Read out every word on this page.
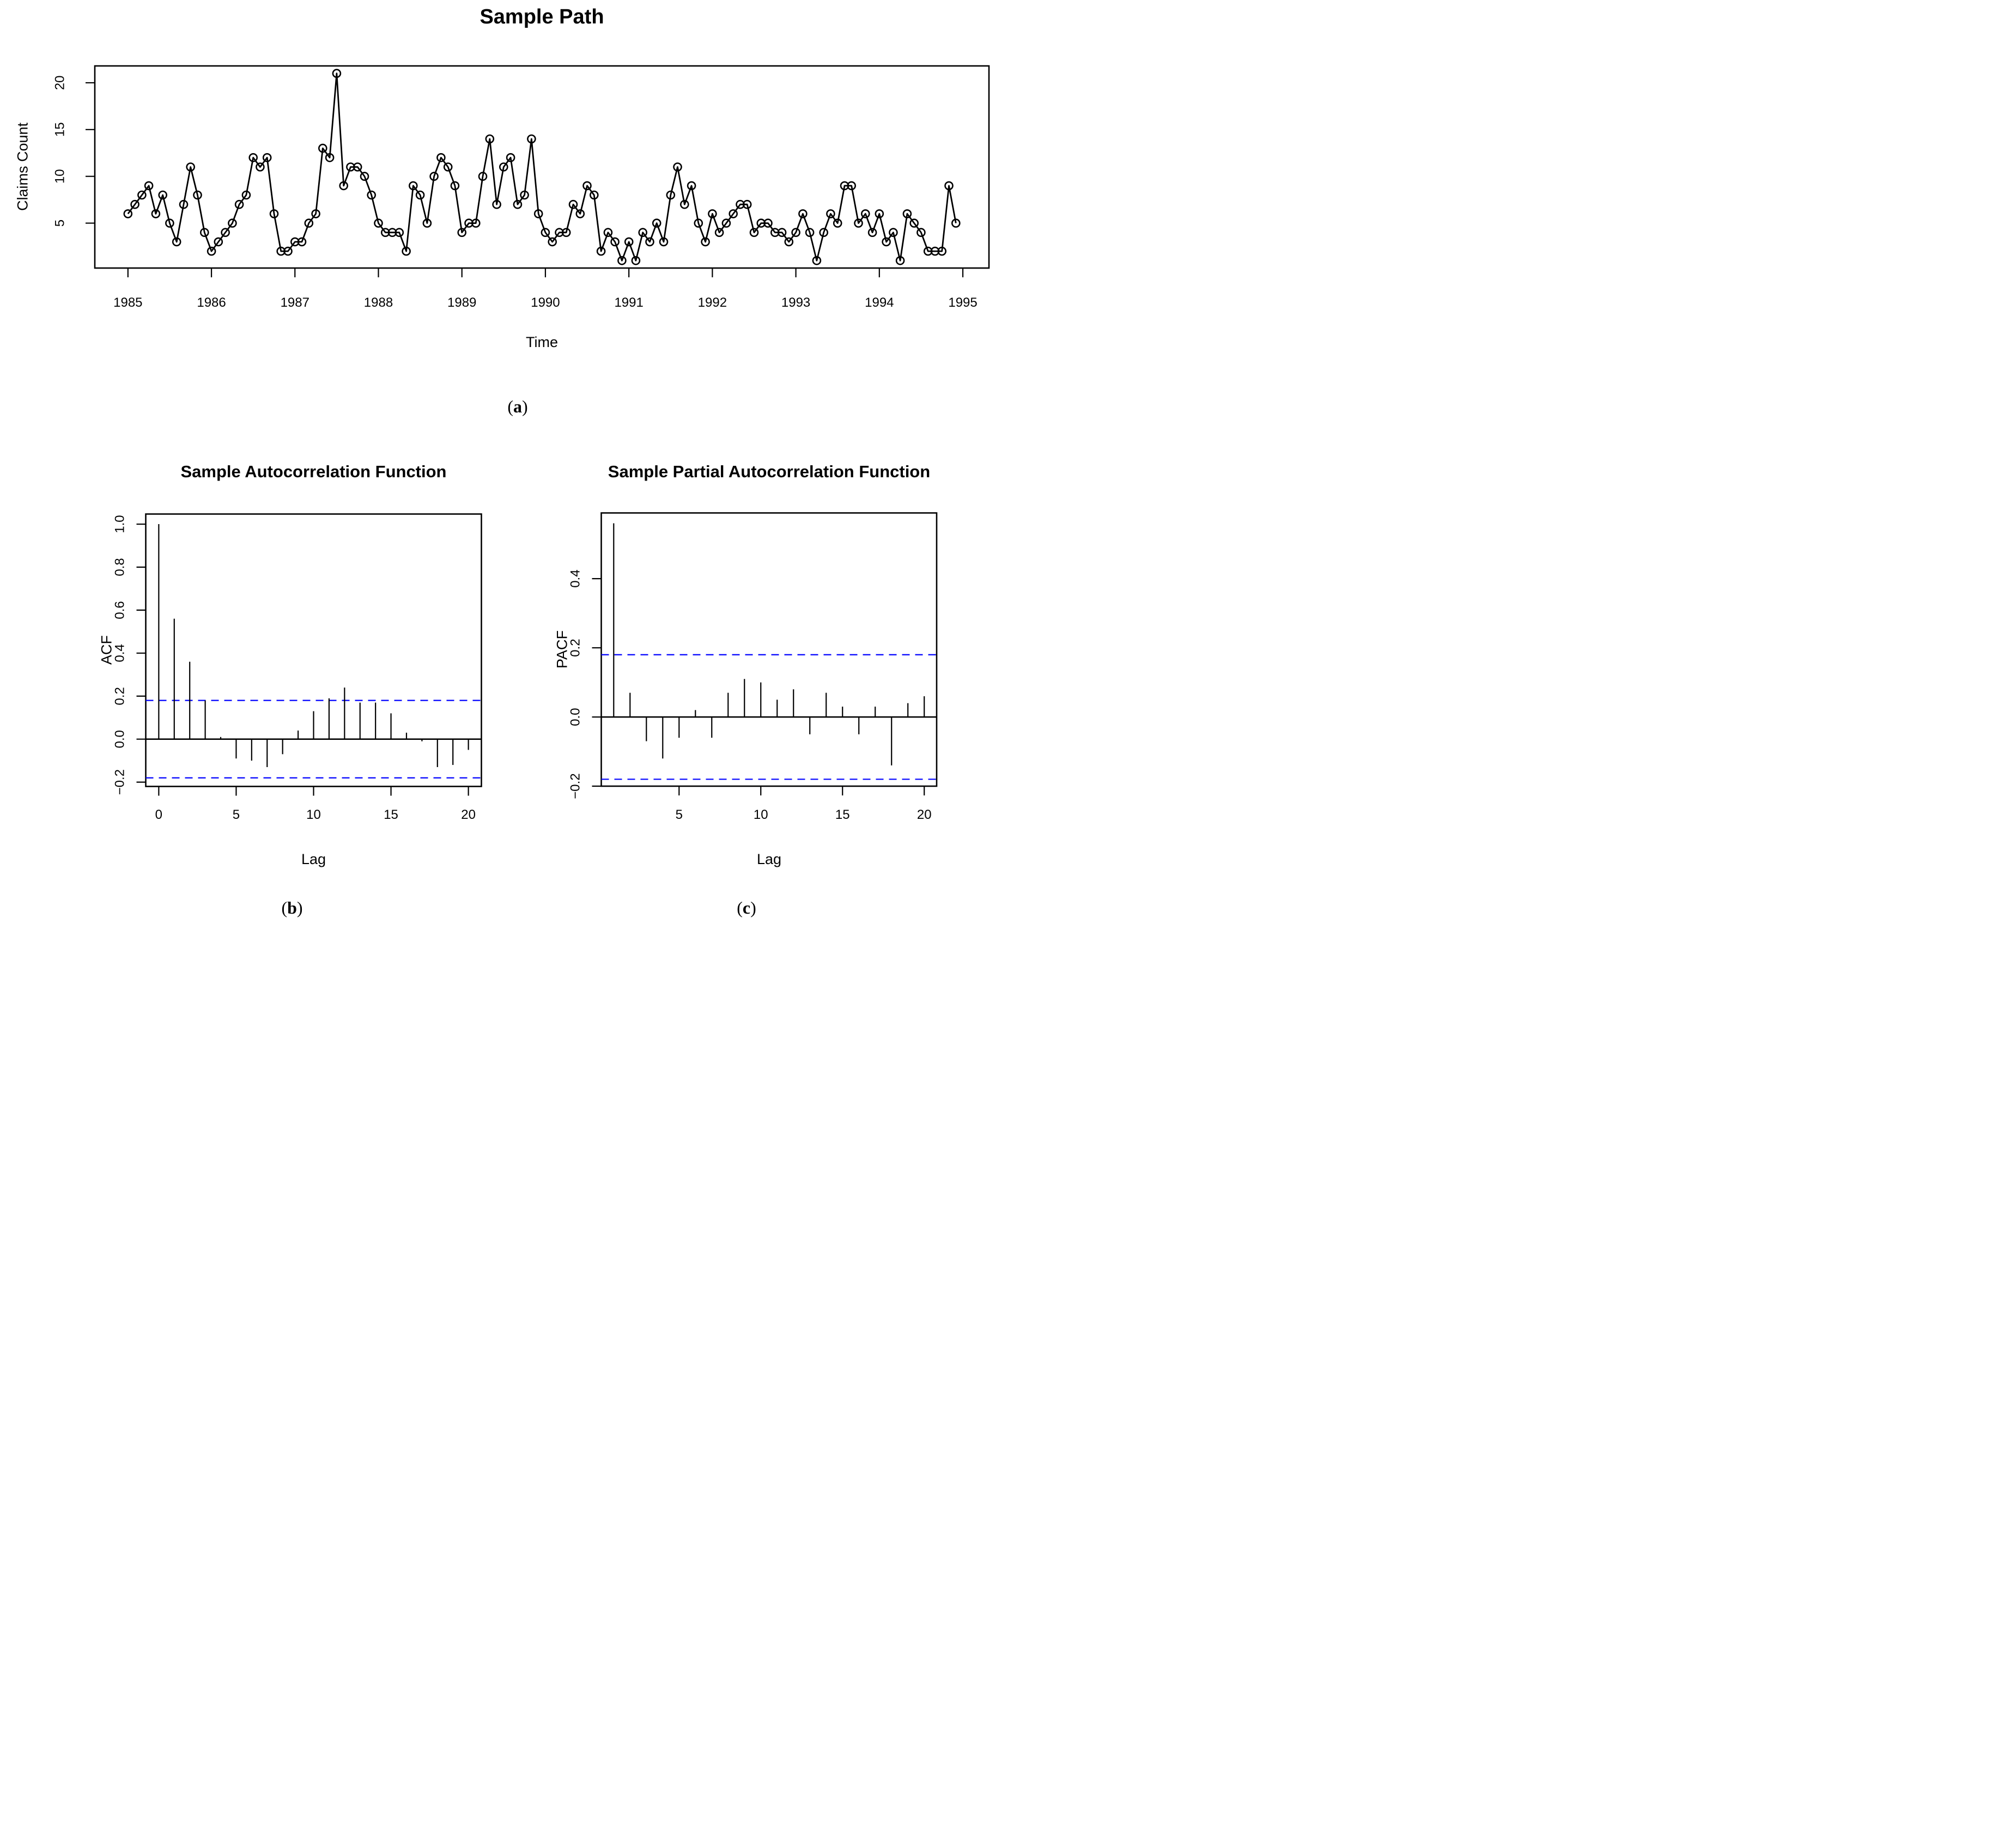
1985	1986	1987	1988	1989	1990	1991	1992	1993	1994	1995
5
10
15
20
0	5	10	15	20
−0.2
0.0
0.2
0.4
0.6
0.8
1.0
5	10	15	20
−0.2
0.0
0.2
0.4
Sample Path
Time
Claims Count
(a)
Sample Autocorrelation Function
ACF
Lag
(b)
Sample Partial Autocorrelation Function
PACF
Lag
(c)
